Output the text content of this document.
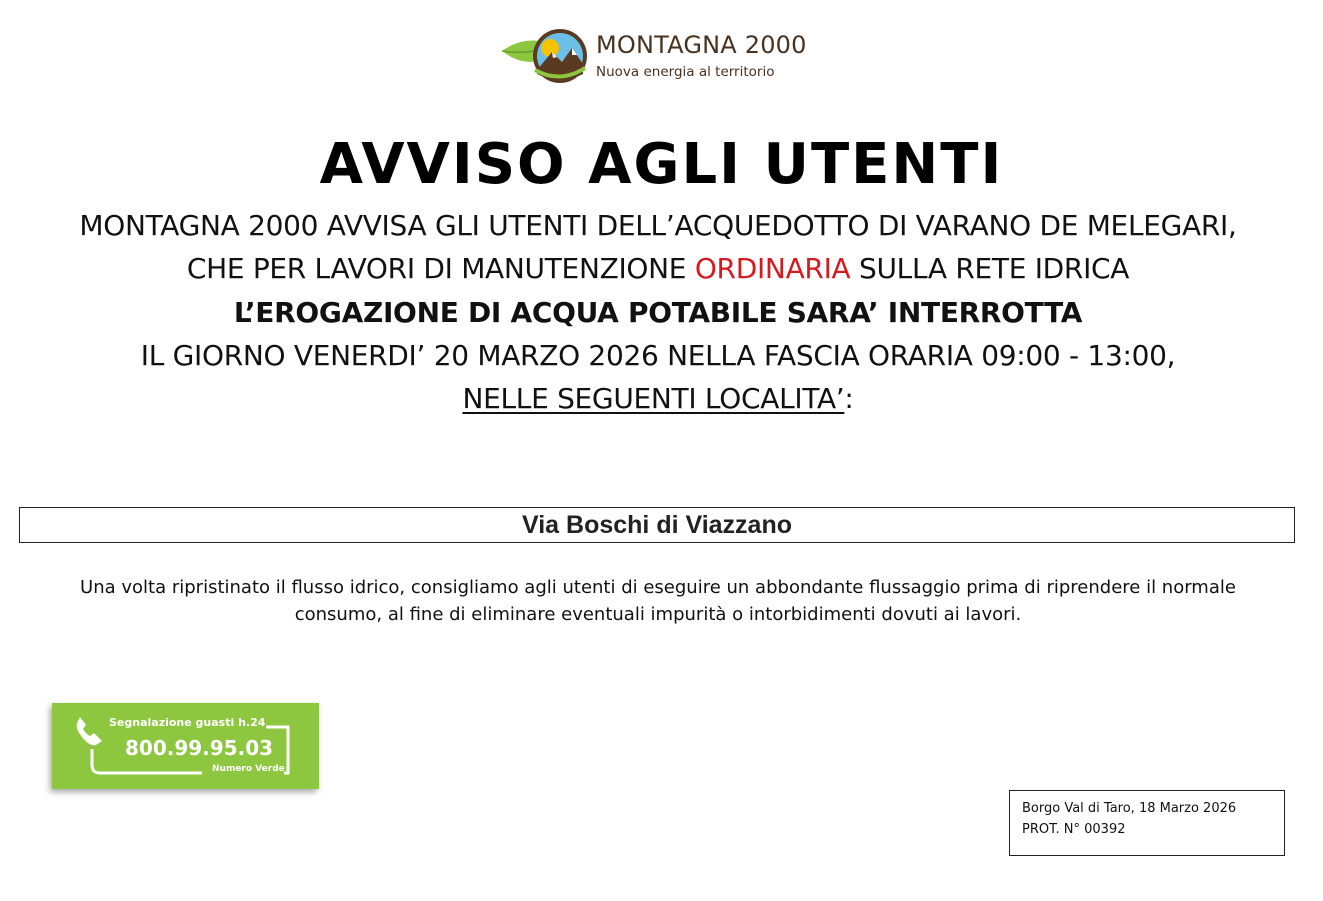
MONTAGNA 2000
Nuova energia al territorio
AVVISO AGLI UTENTI
MONTAGNA 2000 AVVISA GLI UTENTI DELL’ACQUEDOTTO DI VARANO DE MELEGARI,
CHE PER LAVORI DI MANUTENZIONE ORDINARIA SULLA RETE IDRICA
L’EROGAZIONE DI ACQUA POTABILE SARA’ INTERROTTA
IL GIORNO VENERDI’ 20 MARZO 2026 NELLA FASCIA ORARIA 09:00 - 13:00,
NELLE SEGUENTI LOCALITA’:
Via Boschi di Viazzano
Una volta ripristinato il flusso idrico, consigliamo agli utenti di eseguire un abbondante flussaggio prima di riprendere il normale
consumo, al fine di eliminare eventuali impurità o intorbidimenti dovuti ai lavori.
Segnalazione guasti h.24
800.99.95.03
Numero Verde
Borgo Val di Taro, 18 Marzo 2026
PROT. N° 00392
